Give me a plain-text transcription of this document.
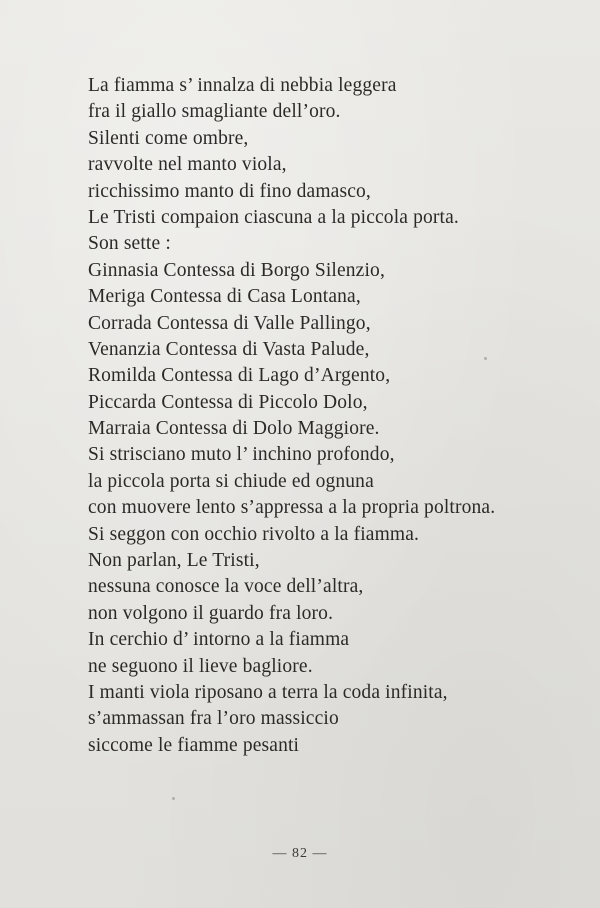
La fiamma s’ innalza di nebbia leggera
fra il giallo smagliante dell’oro.
Silenti come ombre,
ravvolte nel manto viola,
ricchissimo manto di fino damasco,
Le Tristi compaion ciascuna a la piccola porta.
Son sette :
Ginnasia Contessa di Borgo Silenzio,
Meriga Contessa di Casa Lontana,
Corrada Contessa di Valle Pallingo,
Venanzia Contessa di Vasta Palude,
Romilda Contessa di Lago d’Argento,
Piccarda Contessa di Piccolo Dolo,
Marraia Contessa di Dolo Maggiore.
Si strisciano muto l’ inchino profondo,
la piccola porta si chiude ed ognuna
con muovere lento s’appressa a la propria poltrona.
Si seggon con occhio rivolto a la fiamma.
Non parlan, Le Tristi,
nessuna conosce la voce dell’altra,
non volgono il guardo fra loro.
In cerchio d’ intorno a la fiamma
ne seguono il lieve bagliore.
I manti viola riposano a terra la coda infinita,
s’ammassan fra l’oro massiccio
siccome le fiamme pesanti
— 82 —
